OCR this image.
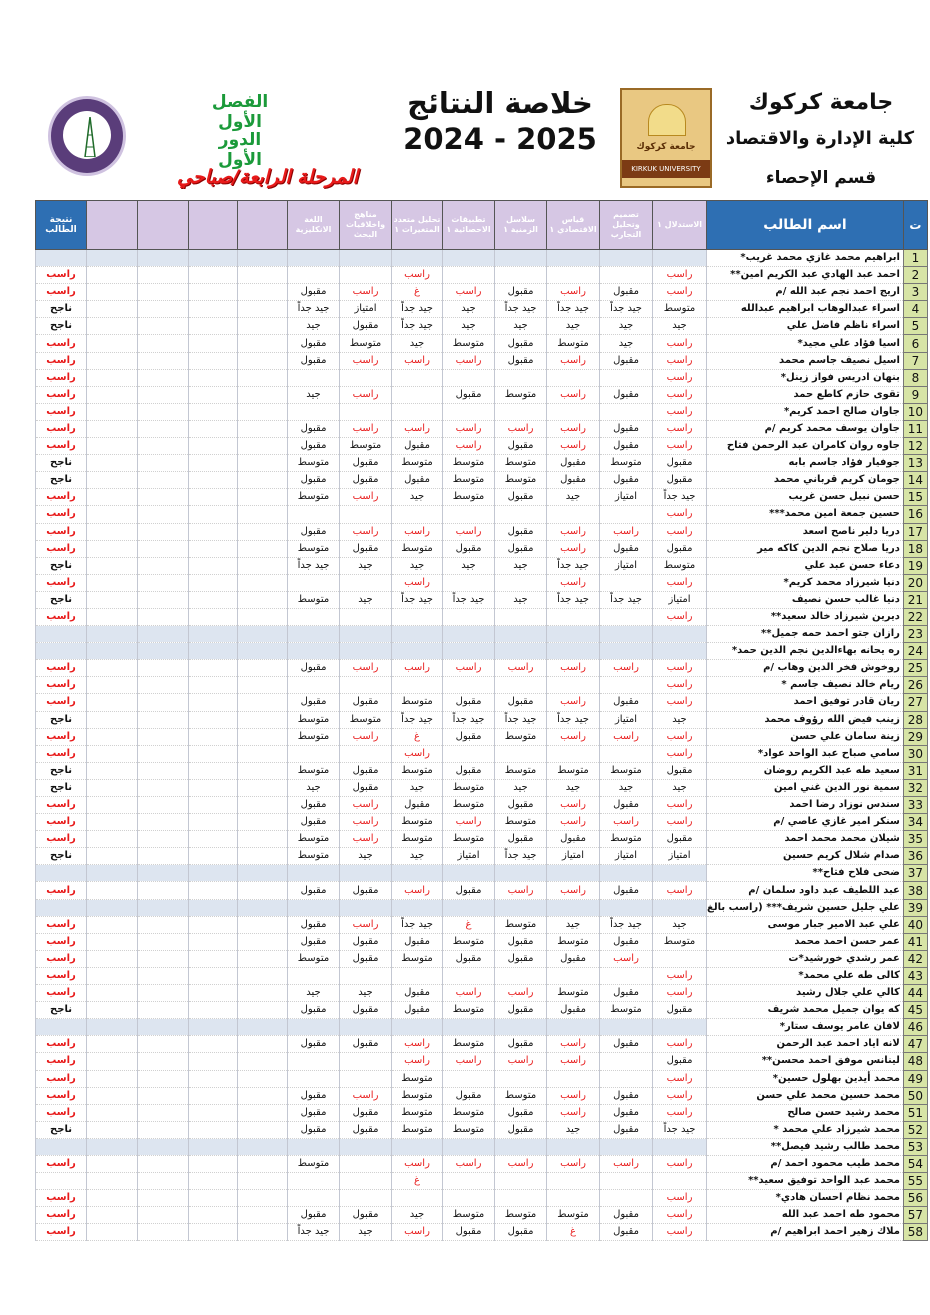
الفصل الأول
الدور الأول
المرحلة الرابعة/صباحي
خلاصة النتائج
2024 - 2025	جامعة كركوك
KIRKUK UNIVERSITY
جامعة كركوك
كلية الإدارة والاقتصاد
قسم الإحصاء
ت	اسم الطالب	الاستدلال ١	تصميم وتحليل التجارب	قياس الاقتصادي ١	سلاسل الزمنية ١	تطبيقات الاحصائية ١	تحليل متعدد المتغيرات ١	مناهج واخلاقيات البحث	اللغة الانكليزية					نتيجة الطالب
1	ابراهيم محمد غازي محمد غريب*													
2	احمد عبد الهادي عبد الكريم امين**	راسب					راسب							راسب
3	اريج احمد نجم عبد الله /م	راسب	مقبول	راسب	مقبول	راسب	غ	راسب	مقبول					راسب
4	اسراء عبدالوهاب ابراهيم عبدالله	متوسط	جيد جداً	جيد جداً	جيد جداً	جيد	جيد جداً	امتياز	جيد جداً					ناجح
5	اسراء ناظم فاضل علي	جيد	جيد	جيد	جيد	جيد	جيد جداً	مقبول	جيد					ناجح
6	اسيا فؤاد علي مجيد*	راسب	جيد	متوسط	مقبول	متوسط	جيد	متوسط	مقبول					راسب
7	اسيل نصيف جاسم محمد	راسب	مقبول	راسب	مقبول	راسب	راسب	راسب	مقبول					راسب
8	بنهان ادريس فواز زينل*	راسب												راسب
9	تقوى حازم كاطع حمد	راسب	مقبول	راسب	متوسط	مقبول		راسب	جيد					راسب
10	جاوان صالح احمد كريم*	راسب												راسب
11	جاوان يوسف محمد كريم /م	راسب	مقبول	راسب	راسب	راسب	راسب	راسب	مقبول					راسب
12	جاوه روان كامران عبد الرحمن فتاح	راسب	مقبول	راسب	مقبول	راسب	مقبول	متوسط	مقبول					راسب
13	جوفيار فؤاد جاسم بابه	مقبول	متوسط	مقبول	متوسط	متوسط	متوسط	مقبول	متوسط					ناجح
14	جومان كريم قرباني محمد	مقبول	مقبول	مقبول	متوسط	متوسط	مقبول	مقبول	مقبول					ناجح
15	حسن نبيل حسن غريب	جيد جداً	امتياز	جيد	مقبول	متوسط	جيد	راسب	متوسط					راسب
16	حسين جمعة امين محمد***	راسب												راسب
17	دريا دلير ناصح اسعد	راسب	راسب	راسب	مقبول	راسب	راسب	راسب	مقبول					راسب
18	دريا صلاح نجم الدين كاكه مير	مقبول	مقبول	راسب	مقبول	مقبول	متوسط	مقبول	متوسط					راسب
19	دعاء حسن عبد علي	متوسط	امتياز	جيد جداً	جيد	جيد	جيد	جيد	جيد جداً					ناجح
20	دنيا شيرزاد محمد كريم*	راسب		راسب			راسب							راسب
21	دنيا غالب حسن نصيف	امتياز	جيد جداً	جيد جداً	جيد	جيد جداً	جيد جداً	جيد	متوسط					ناجح
22	ديرين شيرزاد خالد سعيد**	راسب												راسب
23	رازان جتو احمد حمه جميل**													
24	ره يحانه بهاءالدين نجم الدين حمد*													
25	روخوش فخر الدين وهاب /م	راسب	راسب	راسب	راسب	راسب	راسب	راسب	مقبول					راسب
26	ريام خالد نصيف جاسم *	راسب												راسب
27	ريان قادر توفيق احمد	راسب	مقبول	راسب	مقبول	مقبول	متوسط	مقبول	مقبول					راسب
28	زينب فيض الله رؤوف محمد	جيد	امتياز	جيد جداً	جيد جداً	جيد جداً	جيد جداً	متوسط	متوسط					ناجح
29	زينة سامان علي حسن	راسب	راسب	راسب	متوسط	مقبول	غ	راسب	متوسط					راسب
30	سامي صباح عبد الواحد عواد*	راسب					راسب							راسب
31	سعيد طه عبد الكريم روضان	مقبول	متوسط	متوسط	متوسط	مقبول	متوسط	مقبول	متوسط					ناجح
32	سمية نور الدين غني امين	جيد	جيد	جيد	جيد	متوسط	جيد	مقبول	جيد					ناجح
33	سندس نوزاد رضا احمد	راسب	مقبول	راسب	مقبول	متوسط	مقبول	راسب	مقبول					راسب
34	سنكر امير غازي عاصي /م	راسب	راسب	راسب	متوسط	راسب	متوسط	راسب	مقبول					راسب
35	شيلان محمد محمد احمد	مقبول	متوسط	مقبول	مقبول	متوسط	متوسط	راسب	متوسط					راسب
36	صدام شلال كريم حسين	امتياز	امتياز	امتياز	جيد جداً	امتياز	جيد	جيد	متوسط					ناجح
37	ضحى فلاح فتاح**													
38	عبد اللطيف عبد داود سلمان /م	راسب	مقبول	راسب	راسب	مقبول	راسب	مقبول	مقبول					راسب
39	علي جليل حسين شريف*** (راسب بالغ													
40	علي عبد الامير جبار موسى	جيد	جيد جداً	جيد	متوسط	غ	جيد جداً	راسب	مقبول					راسب
41	عمر حسن احمد محمد	متوسط	مقبول	متوسط	مقبول	متوسط	مقبول	مقبول	مقبول					راسب
42	عمر رشدي خورشيد*ت		راسب	مقبول	مقبول	مقبول	متوسط	مقبول	متوسط					راسب
43	كالى طه علي محمد*	راسب												راسب
44	كالي علي جلال رشيد	راسب	مقبول	متوسط	راسب	راسب	مقبول	جيد	جيد					راسب
45	كه يوان جميل محمد شريف	مقبول	متوسط	مقبول	مقبول	متوسط	مقبول	مقبول	مقبول					ناجح
46	لافان عامر يوسف ستار*													
47	لانه اياد احمد عبد الرحمن	راسب	مقبول	راسب	مقبول	متوسط	راسب	مقبول	مقبول					راسب
48	لينانس موفق احمد محسن**	مقبول		راسب	راسب	راسب	راسب							راسب
49	محمد أيدين بهلول حسين*	راسب					متوسط							راسب
50	محمد حسين محمد علي حسن	راسب	مقبول	راسب	متوسط	مقبول	متوسط	راسب	مقبول					راسب
51	محمد رشيد حسن صالح	راسب	مقبول	راسب	مقبول	متوسط	متوسط	مقبول	مقبول					راسب
52	محمد شيرزاد علي محمد *	جيد جداً	مقبول	جيد	مقبول	متوسط	متوسط	مقبول	مقبول					ناجح
53	محمد طالب رشيد فيصل**													
54	محمد طيب محمود احمد /م	راسب	راسب	راسب	راسب	راسب	راسب		متوسط					راسب
55	محمد عبد الواحد توفيق سعيد**						غ							
56	محمد نظام احسان هادي*	راسب												راسب
57	محمود طه احمد عبد الله	راسب	مقبول	متوسط	متوسط	متوسط	جيد	مقبول	مقبول					راسب
58	ملاك زهير احمد ابراهيم /م	راسب	مقبول	غ	مقبول	مقبول	راسب	جيد	جيد جداً					راسب
